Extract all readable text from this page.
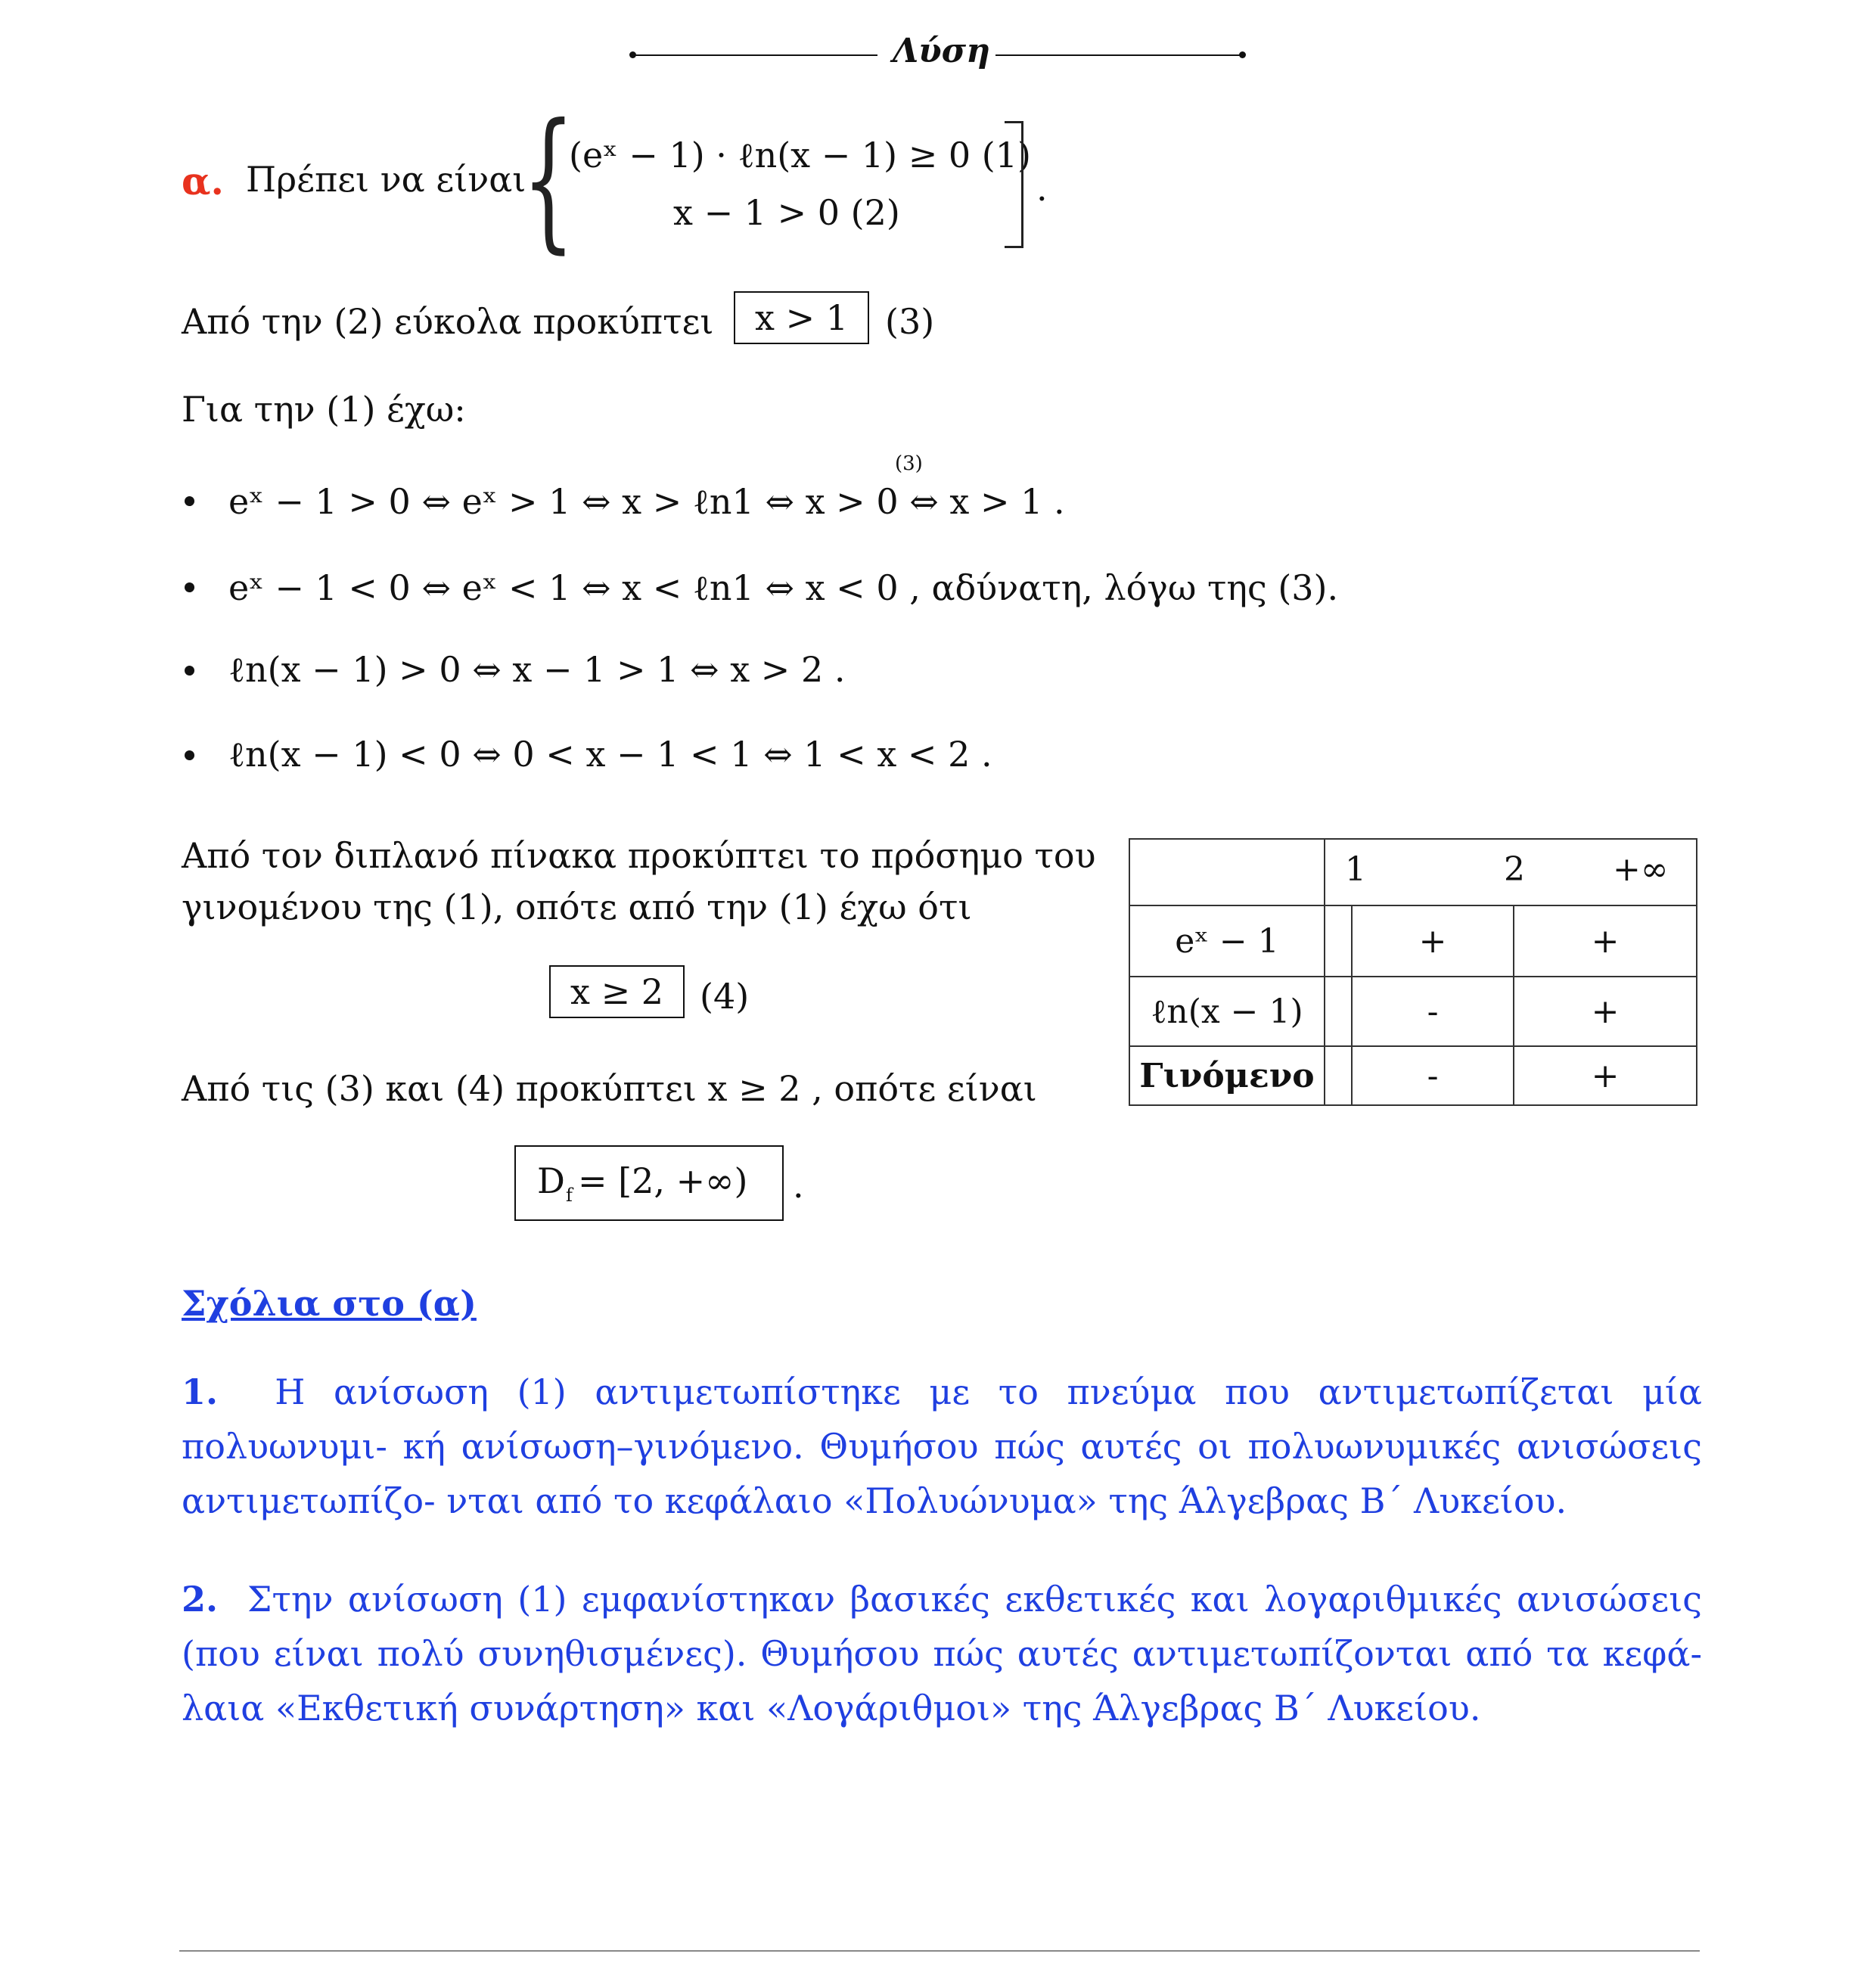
Λύση
α. Πρέπει να είναι
{
(eˣ − 1) · ℓn(x − 1) ≥ 0 (1)
x − 1 > 0 (2)
.
Από την (2) εύκολα προκύπτει	x > 1	(3)
Για την (1) έχω:
(3)
eˣ − 1 > 0 ⇔ eˣ > 1 ⇔ x > ℓn1 ⇔ x > 0 ⇔ x > 1 .
eˣ − 1 < 0 ⇔ eˣ < 1 ⇔ x < ℓn1 ⇔ x < 0 , αδύνατη, λόγω της (3).
ℓn(x − 1) > 0 ⇔ x − 1 > 1 ⇔ x > 2 .
ℓn(x − 1) < 0 ⇔ 0 < x − 1 < 1 ⇔ 1 < x < 2 .
Από τον διπλανό πίνακα προκύπτει το πρόσημο του
γινομένου της (1), οπότε από την (1) έχω ότι
x ≥ 2	(4)
Από τις (3) και (4) προκύπτει x ≥ 2 , οπότε είναι
D f = [2, +∞) .

	1 2 +∞		

eˣ − 1		+	+
ℓn(x − 1)		-	+
Γινόμενο		-	+
Σχόλια στο (α)
1. Η ανίσωση (1) αντιμετωπίστηκε με το πνεύμα που αντιμετωπίζεται μία πολυωνυμι- κή ανίσωση–γινόμενο. Θυμήσου πώς αυτές οι πολυωνυμικές ανισώσεις αντιμετωπίζο- νται από το κεφάλαιο «Πολυώνυμα» της Άλγεβρας Β΄ Λυκείου.
2. Στην ανίσωση (1) εμφανίστηκαν βασικές εκθετικές και λογαριθμικές ανισώσεις (που είναι πολύ συνηθισμένες). Θυμήσου πώς αυτές αντιμετωπίζονται από τα κεφά- λαια «Εκθετική συνάρτηση» και «Λογάριθμοι» της Άλγεβρας Β΄ Λυκείου.
